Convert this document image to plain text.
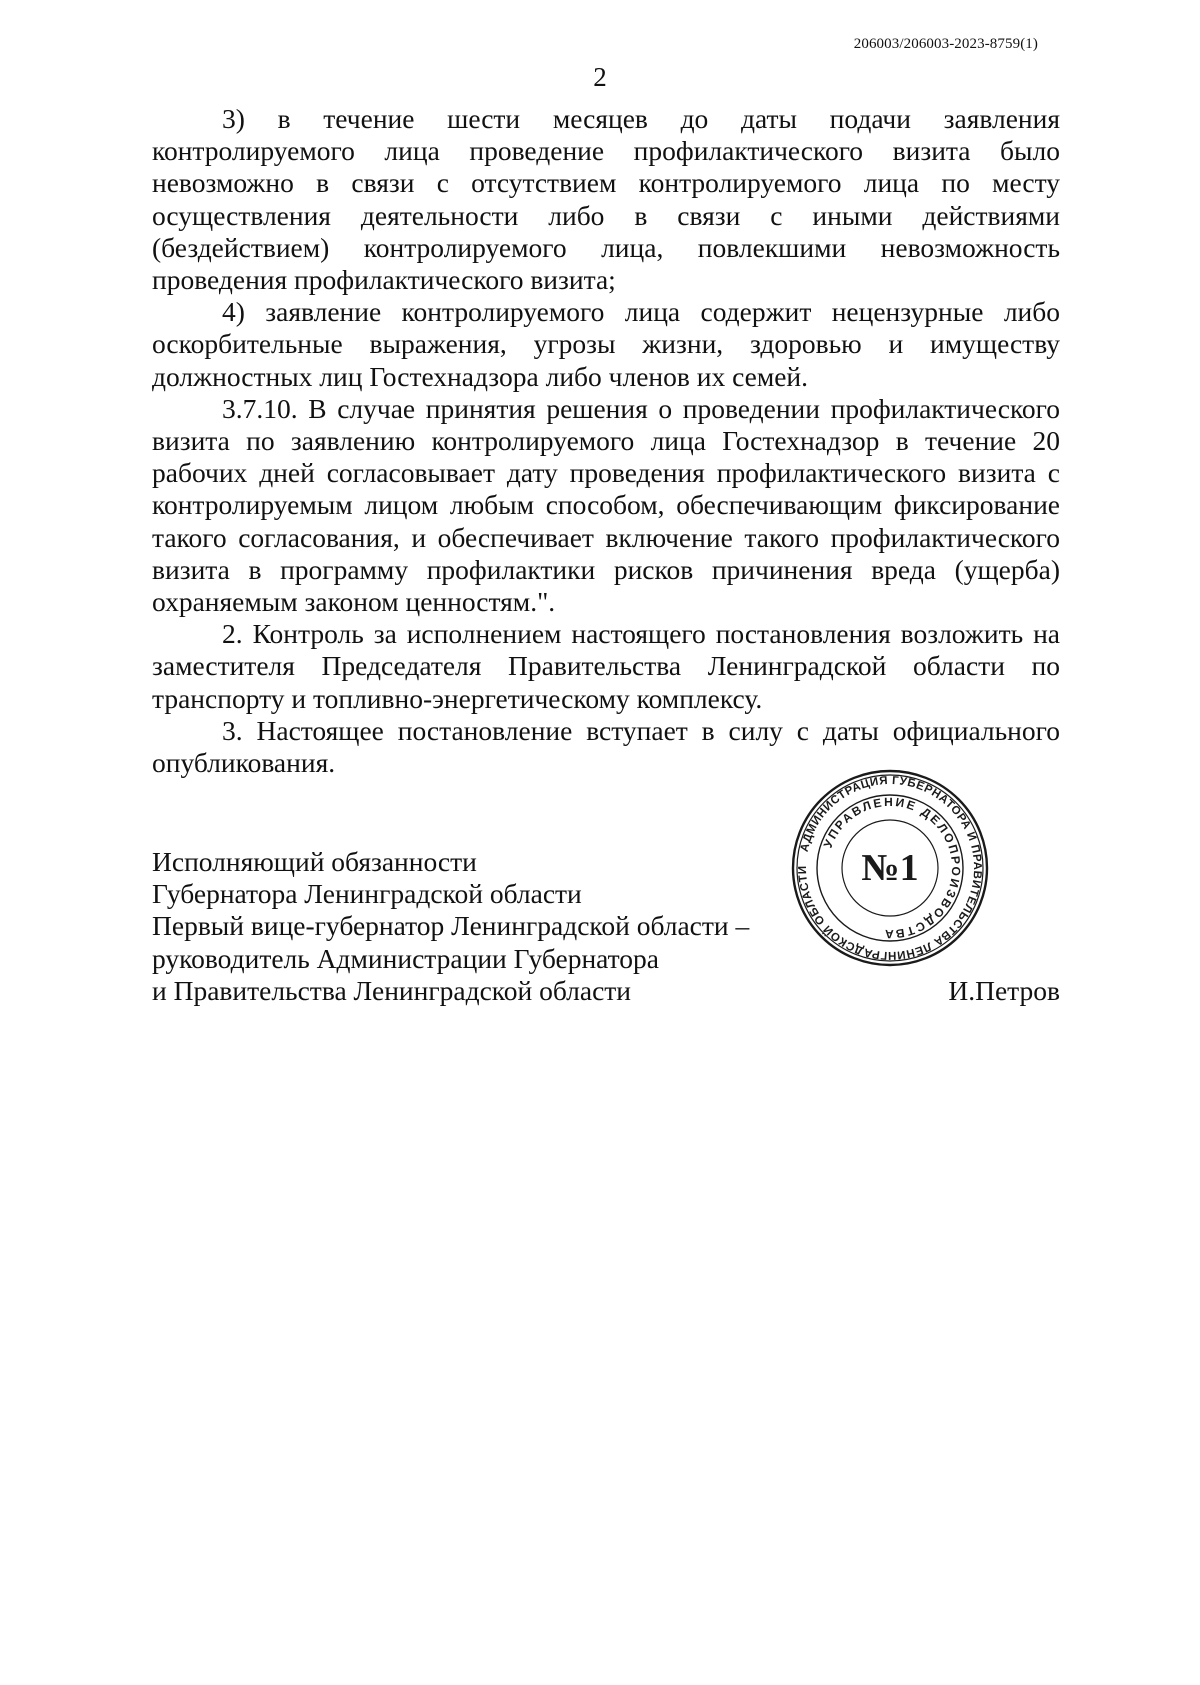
206003/206003-2023-8759(1)
2

3) в течение шести месяцев до даты подачи заявления контролируемого лица проведение профилактического визита было невозможно в связи с отсутствием контролируемого лица по месту осуществления деятельности либо в связи с иными действиями (бездействием) контролируемого лица, повлекшими невозможность проведения профилактического визита;

4) заявление контролируемого лица содержит нецензурные либо оскорбительные выражения, угрозы жизни, здоровью и имуществу должностных лиц Гостехнадзора либо членов их семей.

3.7.10. В случае принятия решения о проведении профилактического визита по заявлению контролируемого лица Гостехнадзор в течение 20 рабочих дней согласовывает дату проведения профилактического визита с контролируемым лицом любым способом, обеспечивающим фиксирование такого согласования, и обеспечивает включение такого профилактического визита в программу профилактики рисков причинения вреда (ущерба) охраняемым законом ценностям.".

2. Контроль за исполнением настоящего постановления возложить на заместителя Председателя Правительства Ленинградской области по транспорту и топливно-энергетическому комплексу.

3. Настоящее постановление вступает в силу с даты официального опубликования.

Исполняющий обязанности
Губернатора Ленинградской области
Первый вице-губернатор Ленинградской области –
руководитель Администрации Губернатора
и Правительства Ленинградской области	И.Петров
АДМИНИСТРАЦИЯ ГУБЕРНАТОРА И ПРАВИТЕЛЬСТВА ЛЕНИНГРАДСКОЙ ОБЛАСТИ
УПРАВЛЕНИЕ ДЕЛОПРОИЗВОДСТВА
№1
